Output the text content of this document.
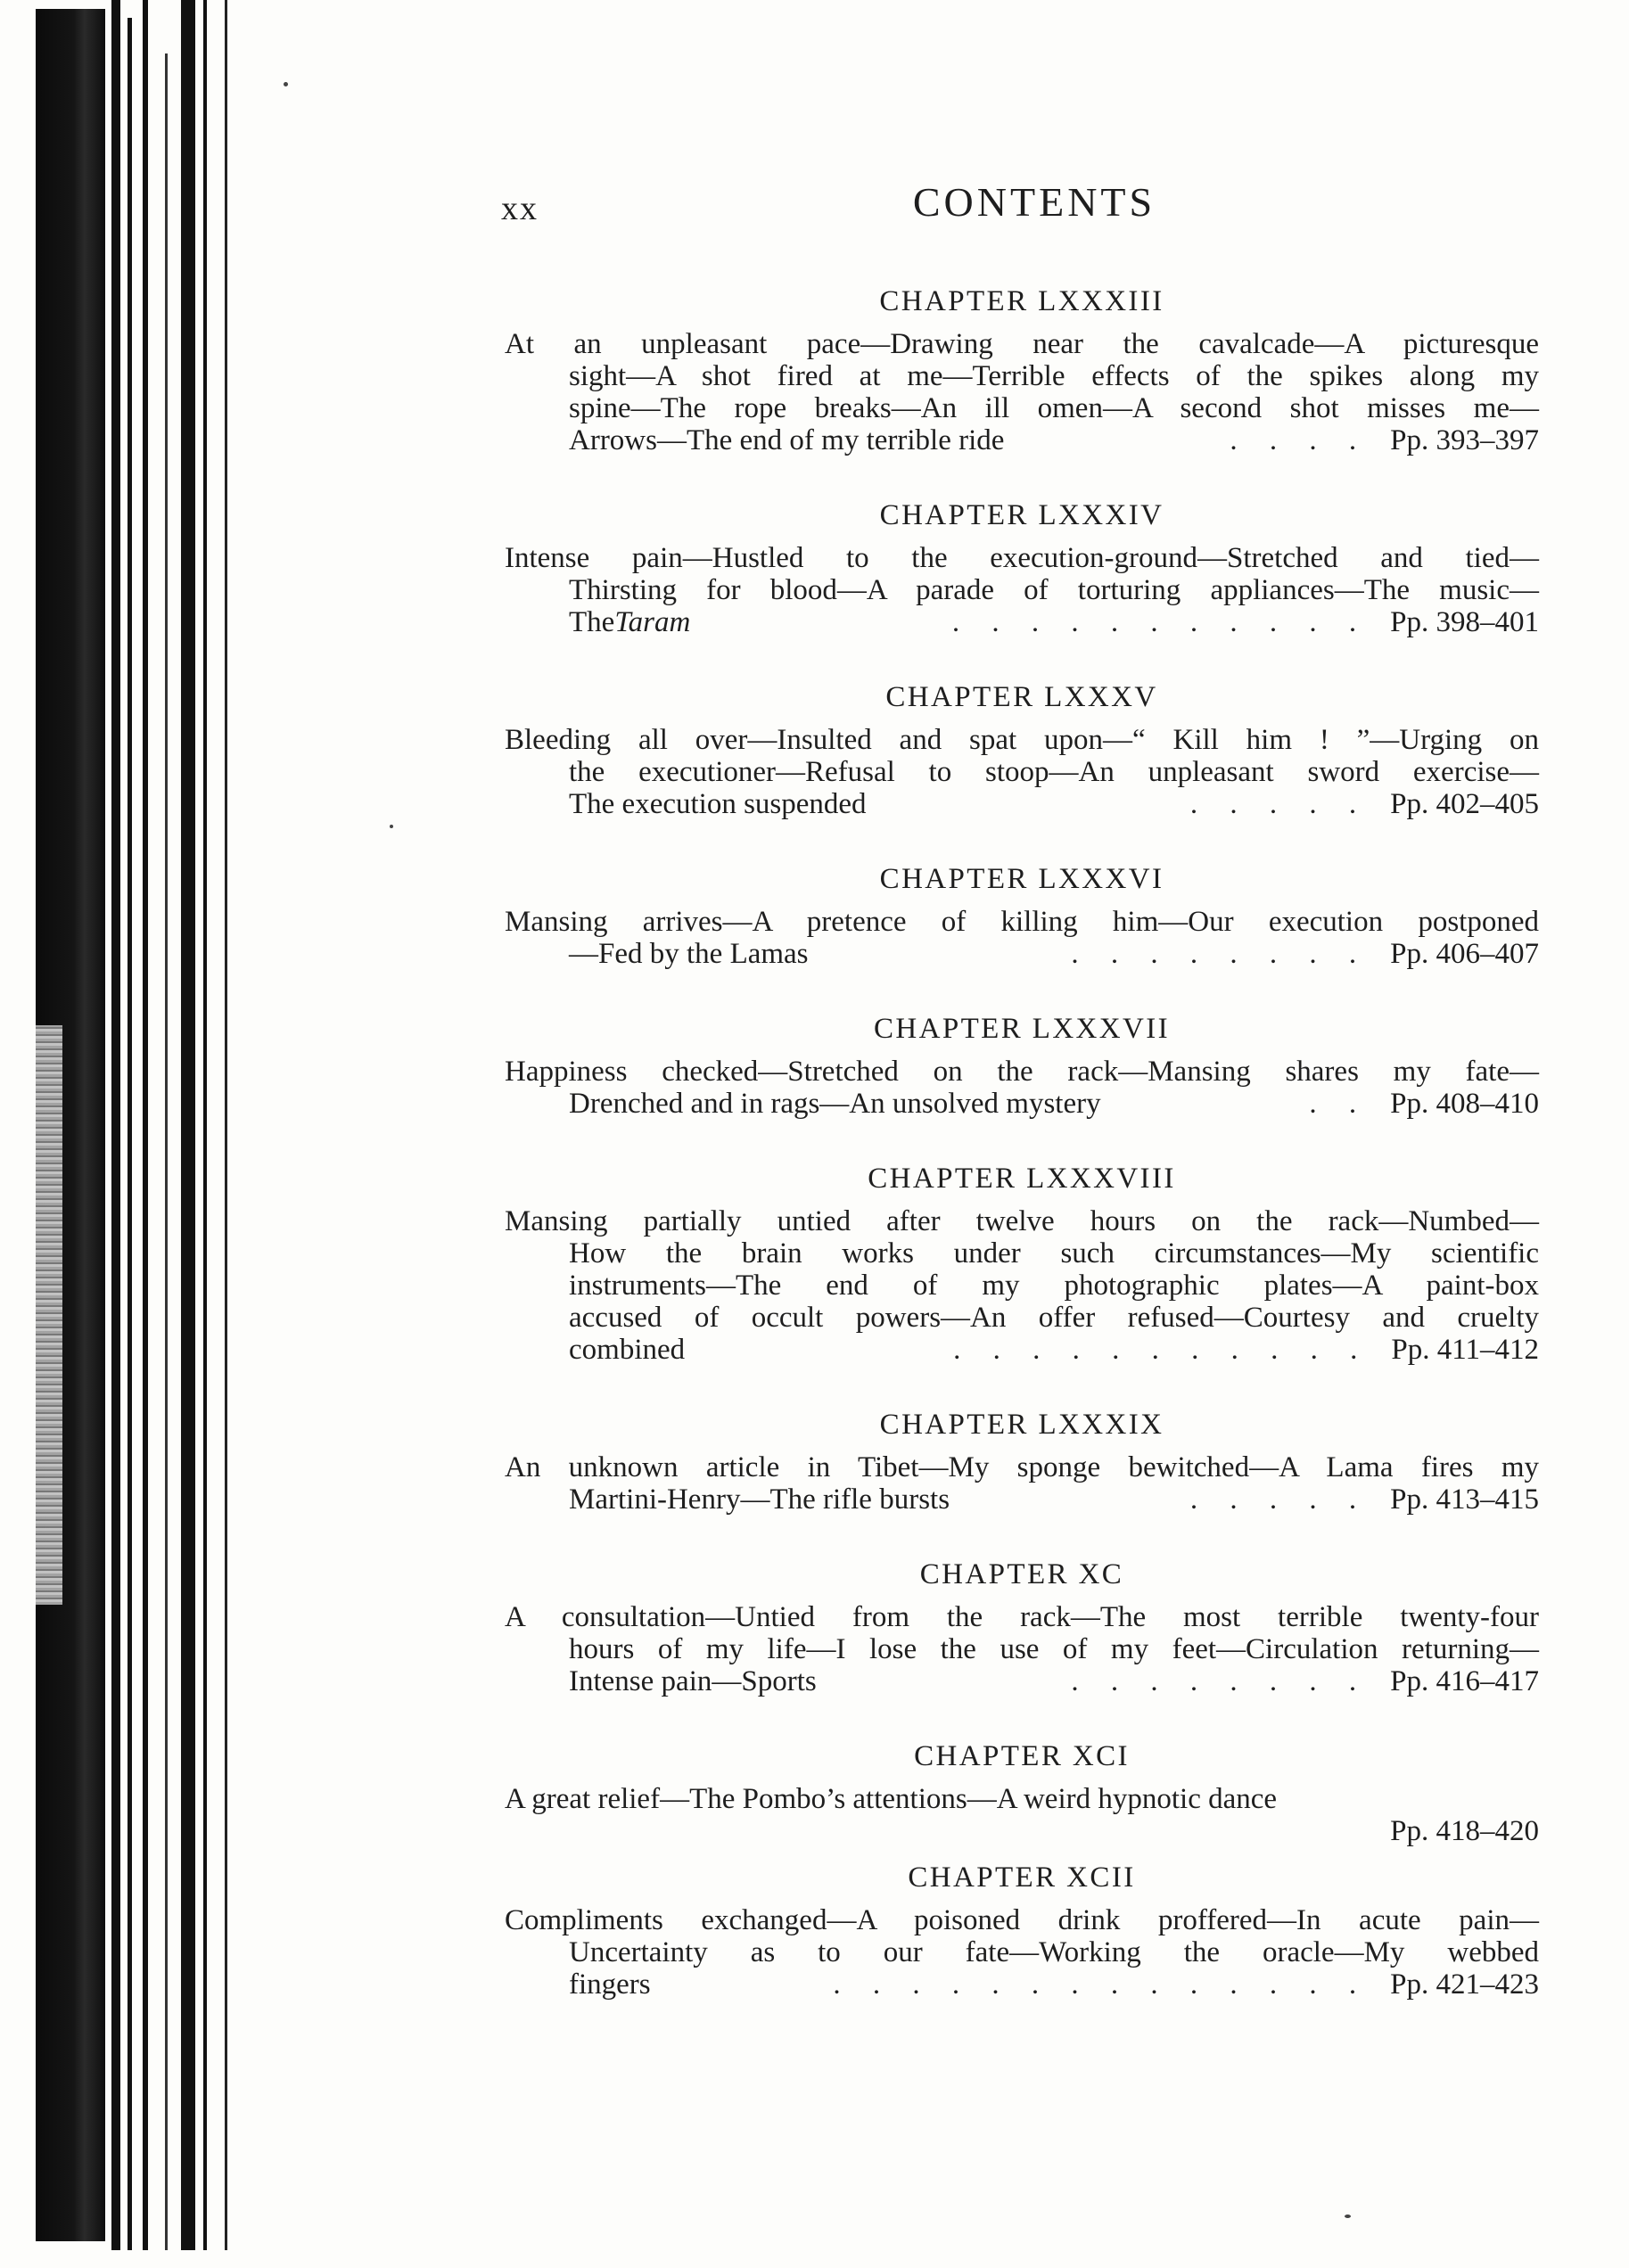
xx	CONTENTS
CHAPTER LXXXIII
At an unpleasant pace—Drawing near the cavalcade—A picturesque
sight—A shot fired at me—Terrible effects of the spikes along my
spine—The rope breaks—An ill omen—A second shot misses me—
Arrows—The end of my terrible ride	. . . . Pp. 393–397
CHAPTER LXXXIV
Intense pain—Hustled to the execution-ground—Stretched and tied—
Thirsting for blood—A parade of torturing appliances—The music—
The Taram	. . . . . . . . . . . Pp. 398–401
CHAPTER LXXXV
Bleeding all over—Insulted and spat upon—“ Kill him ! ”—Urging on
the executioner—Refusal to stoop—An unpleasant sword exercise—
The execution suspended	. . . . . Pp. 402–405
CHAPTER LXXXVI
Mansing arrives—A pretence of killing him—Our execution postponed
—Fed by the Lamas	. . . . . . . . Pp. 406–407
CHAPTER LXXXVII
Happiness checked—Stretched on the rack—Mansing shares my fate—
Drenched and in rags—An unsolved mystery	. . Pp. 408–410
CHAPTER LXXXVIII
Mansing partially untied after twelve hours on the rack—Numbed—
How the brain works under such circumstances—My scientific
instruments—The end of my photographic plates—A paint-box
accused of occult powers—An offer refused—Courtesy and cruelty
combined	. . . . . . . . . . . Pp. 411–412
CHAPTER LXXXIX
An unknown article in Tibet—My sponge bewitched—A Lama fires my
Martini-Henry—The rifle bursts	. . . . . Pp. 413–415
CHAPTER XC
A consultation—Untied from the rack—The most terrible twenty-four
hours of my life—I lose the use of my feet—Circulation returning—
Intense pain—Sports	. . . . . . . . Pp. 416–417
CHAPTER XCI
A great relief—The Pombo’s attentions—A weird hypnotic dance
Pp. 418–420
CHAPTER XCII
Compliments exchanged—A poisoned drink proffered—In acute pain—
Uncertainty as to our fate—Working the oracle—My webbed
fingers	. . . . . . . . . . . . . . Pp. 421–423
